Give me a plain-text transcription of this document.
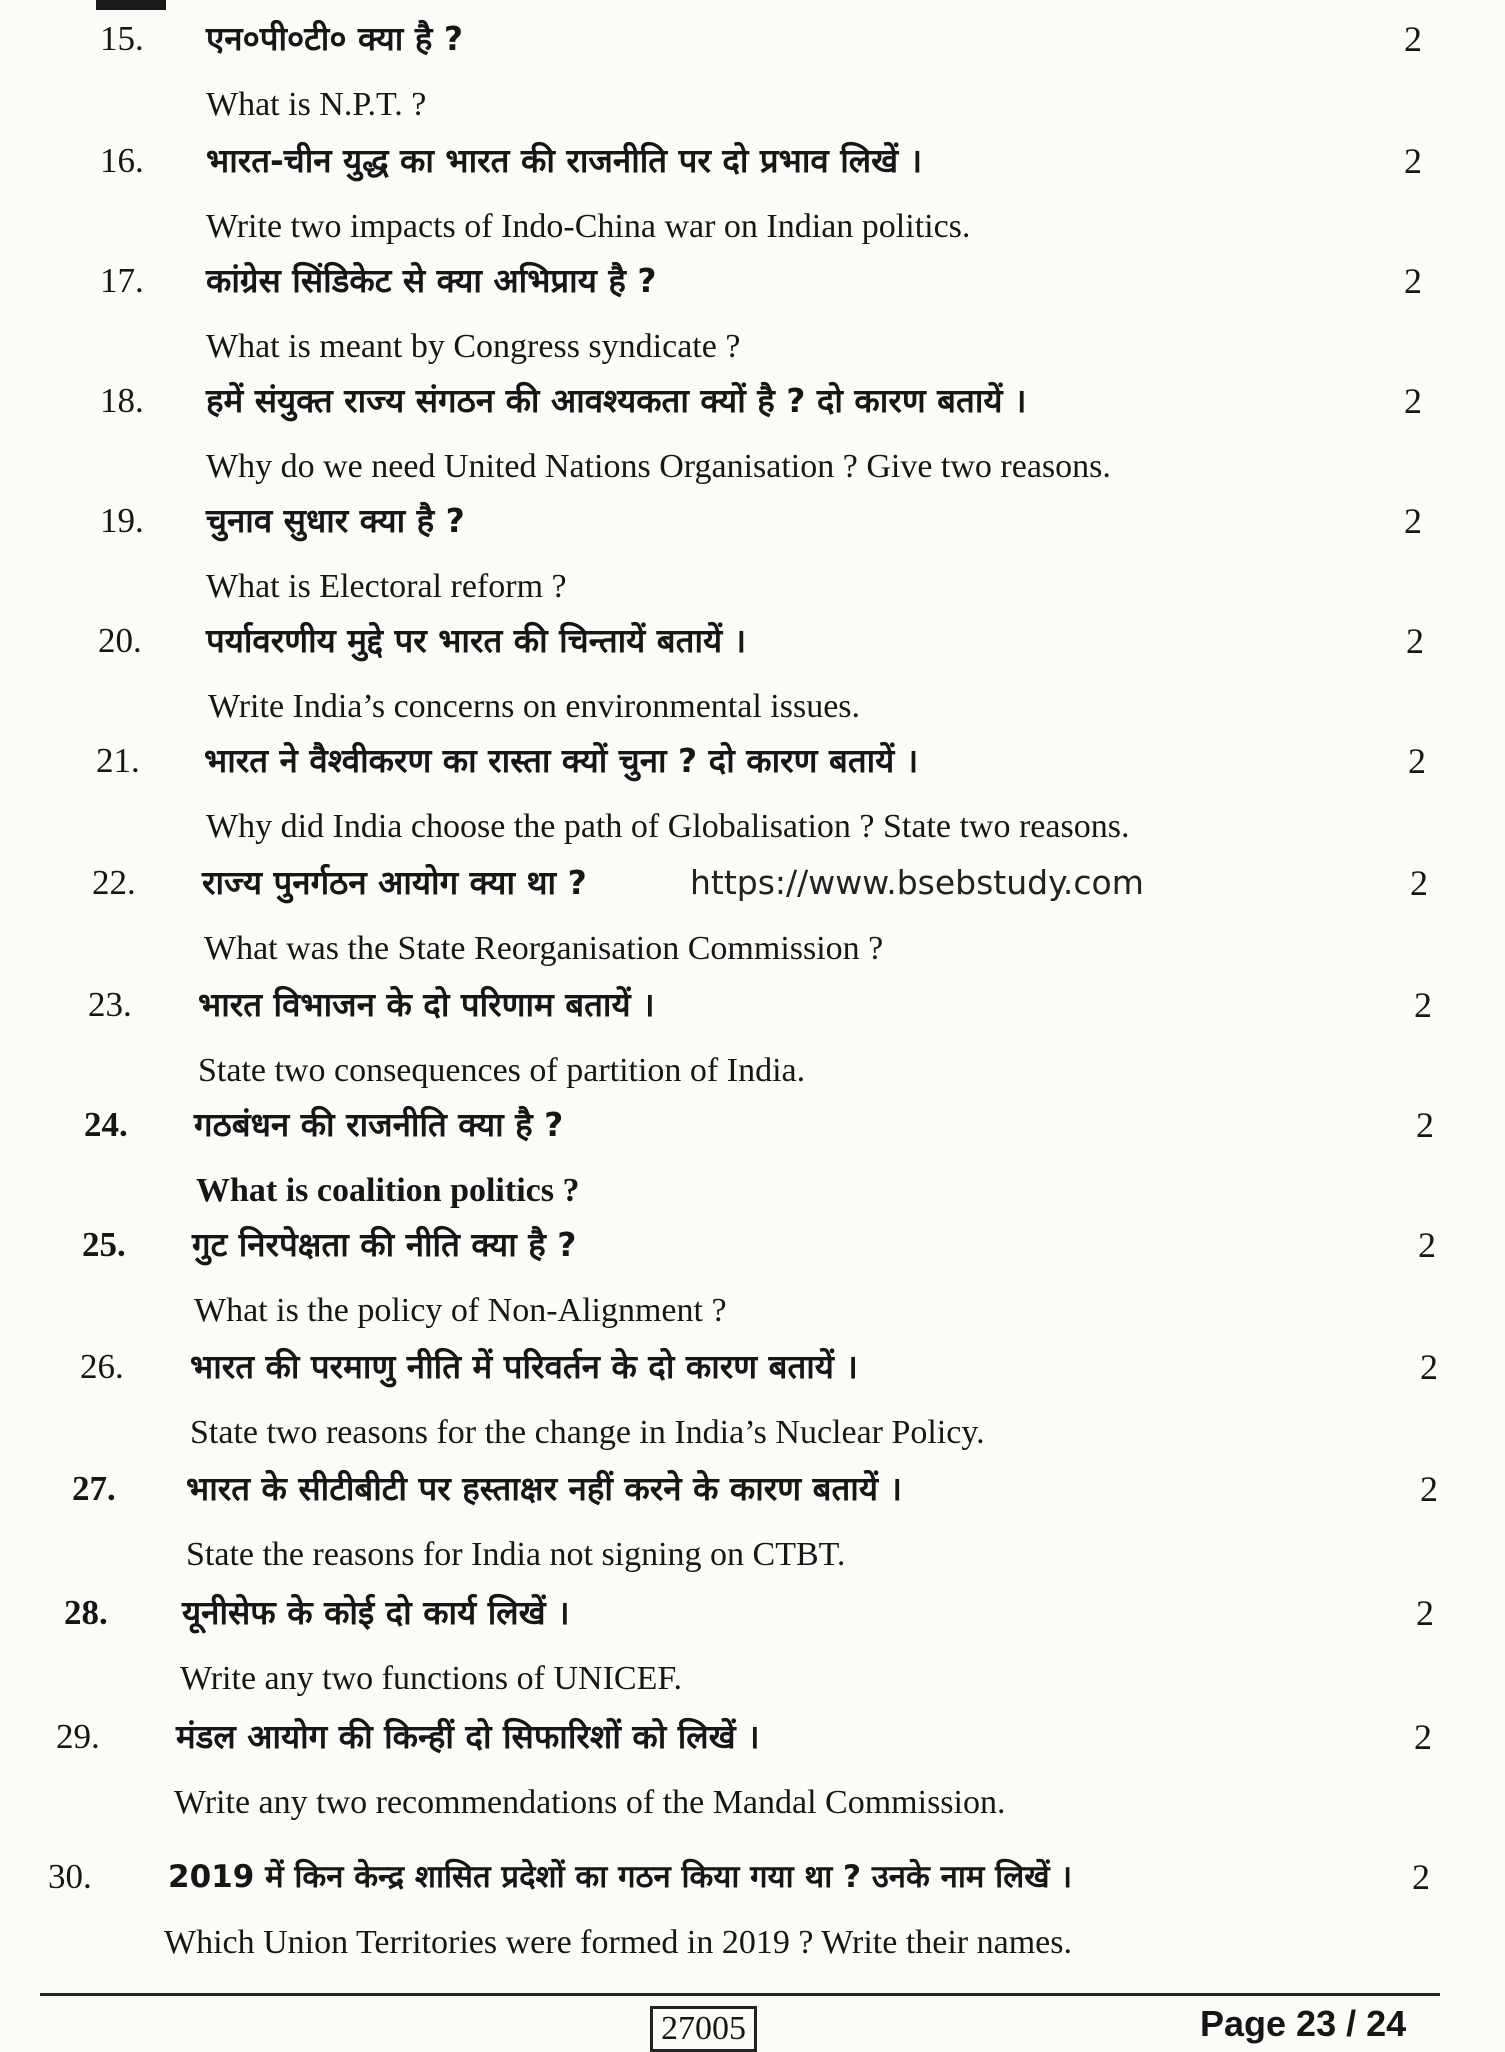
15. एन०पी०टी० क्या है ?	2
What is N.P.T. ?
16. भारत-चीन युद्ध का भारत की राजनीति पर दो प्रभाव लिखें ।	2
Write two impacts of Indo-China war on Indian politics.
17. कांग्रेस सिंडिकेट से क्या अभिप्राय है ?	2
What is meant by Congress syndicate ?
18. हमें संयुक्त राज्य संगठन की आवश्यकता क्यों है ? दो कारण बतायें ।	2
Why do we need United Nations Organisation ? Give two reasons.
19. चुनाव सुधार क्या है ?	2
What is Electoral reform ?
20. पर्यावरणीय मुद्दे पर भारत की चिन्तायें बतायें ।	2
Write India’s concerns on environmental issues.
21. भारत ने वैश्वीकरण का रास्ता क्यों चुना ? दो कारण बतायें ।	2
Why did India choose the path of Globalisation ? State two reasons.
22. राज्य पुनर्गठन आयोग क्या था ?	https://www.bsebstudy.com	2
What was the State Reorganisation Commission ?
23. भारत विभाजन के दो परिणाम बतायें ।	2
State two consequences of partition of India.
24. गठबंधन की राजनीति क्या है ?	2
What is coalition politics ?
25. गुट निरपेक्षता की नीति क्या है ?	2
What is the policy of Non-Alignment ?
26. भारत की परमाणु नीति में परिवर्तन के दो कारण बतायें ।	2
State two reasons for the change in India’s Nuclear Policy.
27. भारत के सीटीबीटी पर हस्ताक्षर नहीं करने के कारण बतायें ।	2
State the reasons for India not signing on CTBT.
28. यूनीसेफ के कोई दो कार्य लिखें ।	2
Write any two functions of UNICEF.
29. मंडल आयोग की किन्हीं दो सिफारिशों को लिखें ।	2
Write any two recommendations of the Mandal Commission.
30. 2019 में किन केन्द्र शासित प्रदेशों का गठन किया गया था ? उनके नाम लिखें ।	2
Which Union Territories were formed in 2019 ? Write their names.
27005	Page 23 / 24
